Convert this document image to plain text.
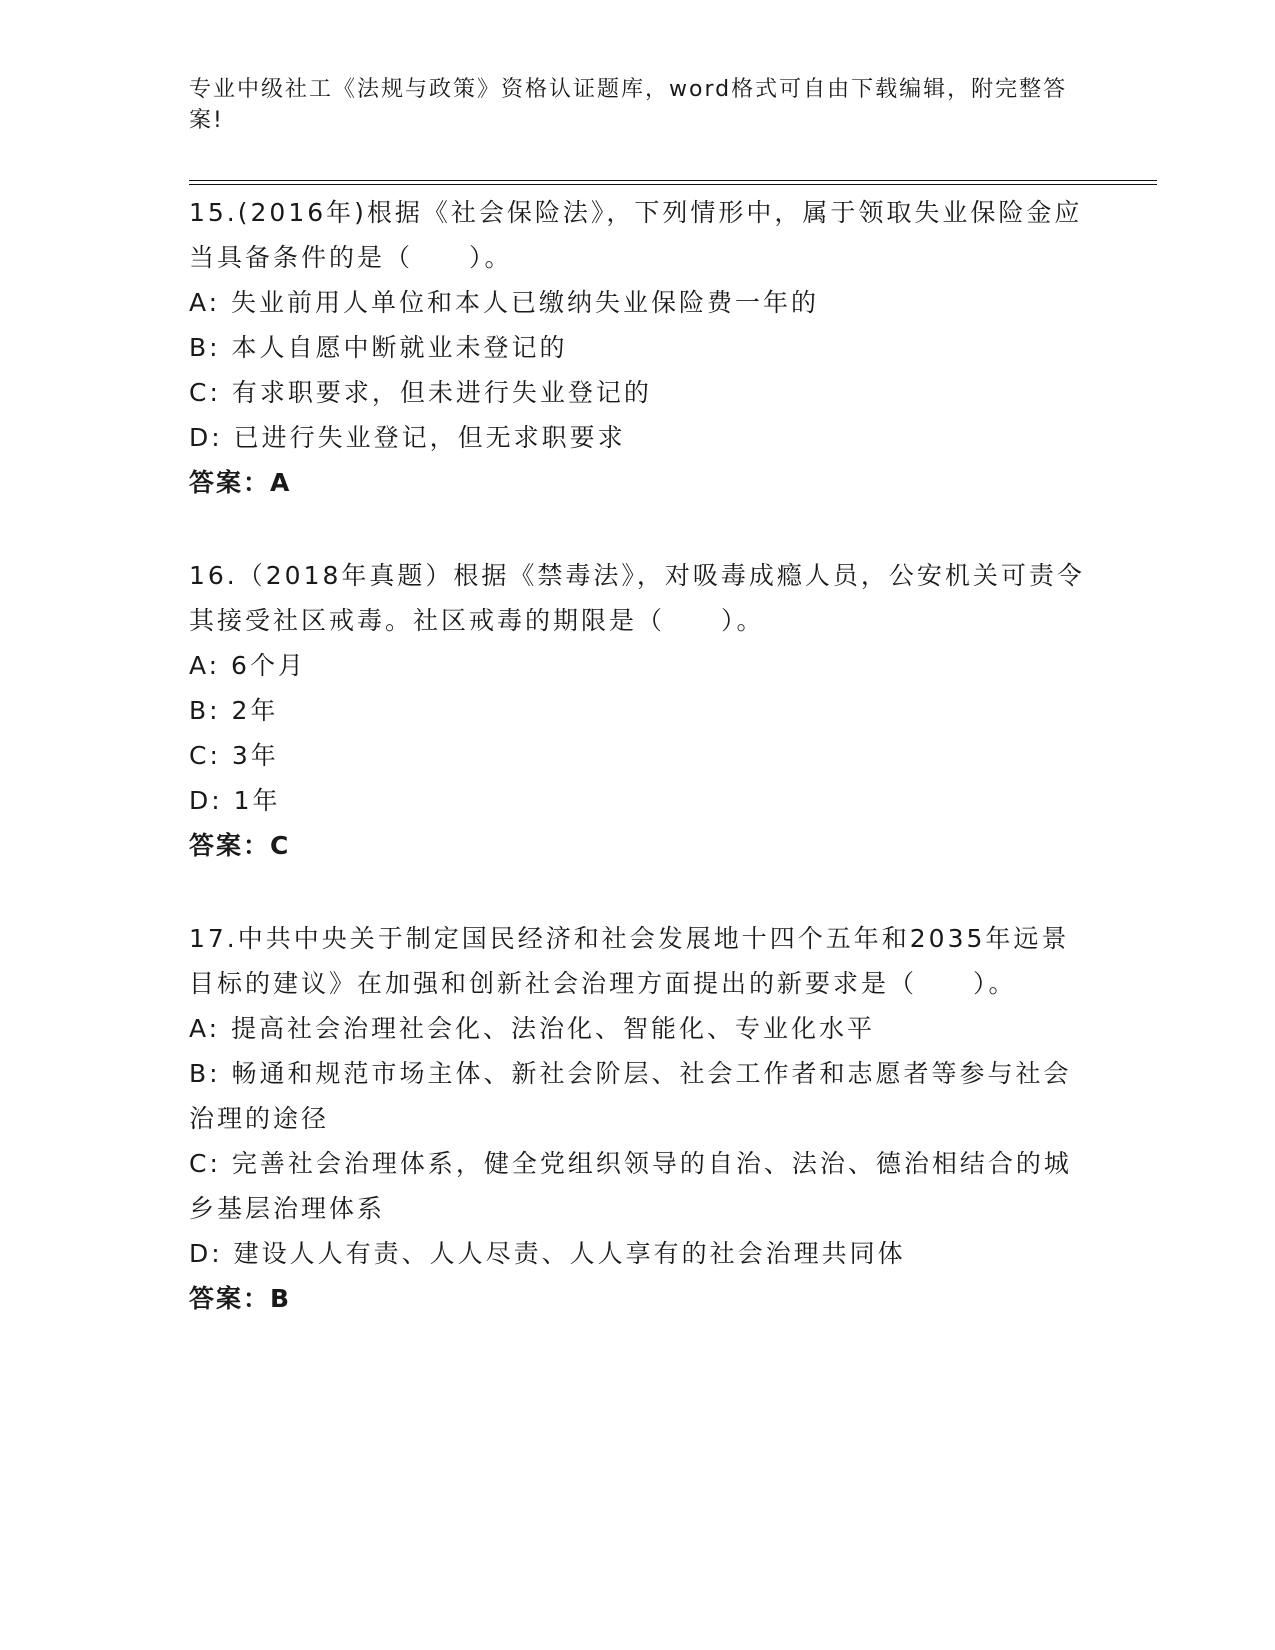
专业中级社工《法规与政策》资格认证题库，word格式可自由下载编辑，附完整答案!

15.(2016年)根据《社会保险法》，下列情形中，属于领取失业保险金应当具备条件的是（　　）。

A: 失业前用人单位和本人已缴纳失业保险费一年的

B: 本人自愿中断就业未登记的

C: 有求职要求，但未进行失业登记的

D: 已进行失业登记，但无求职要求

答案：A

16.（2018年真题）根据《禁毒法》，对吸毒成瘾人员，公安机关可责令其接受社区戒毒。社区戒毒的期限是（　　）。

A: 6个月

B: 2年

C: 3年

D: 1年

答案：C

17.中共中央关于制定国民经济和社会发展地十四个五年和2035年远景目标的建议》在加强和创新社会治理方面提出的新要求是（　　）。

A: 提高社会治理社会化、法治化、智能化、专业化水平

B: 畅通和规范市场主体、新社会阶层、社会工作者和志愿者等参与社会治理的途径

C: 完善社会治理体系，健全党组织领导的自治、法治、德治相结合的城乡基层治理体系

D: 建设人人有责、人人尽责、人人享有的社会治理共同体

答案：B
